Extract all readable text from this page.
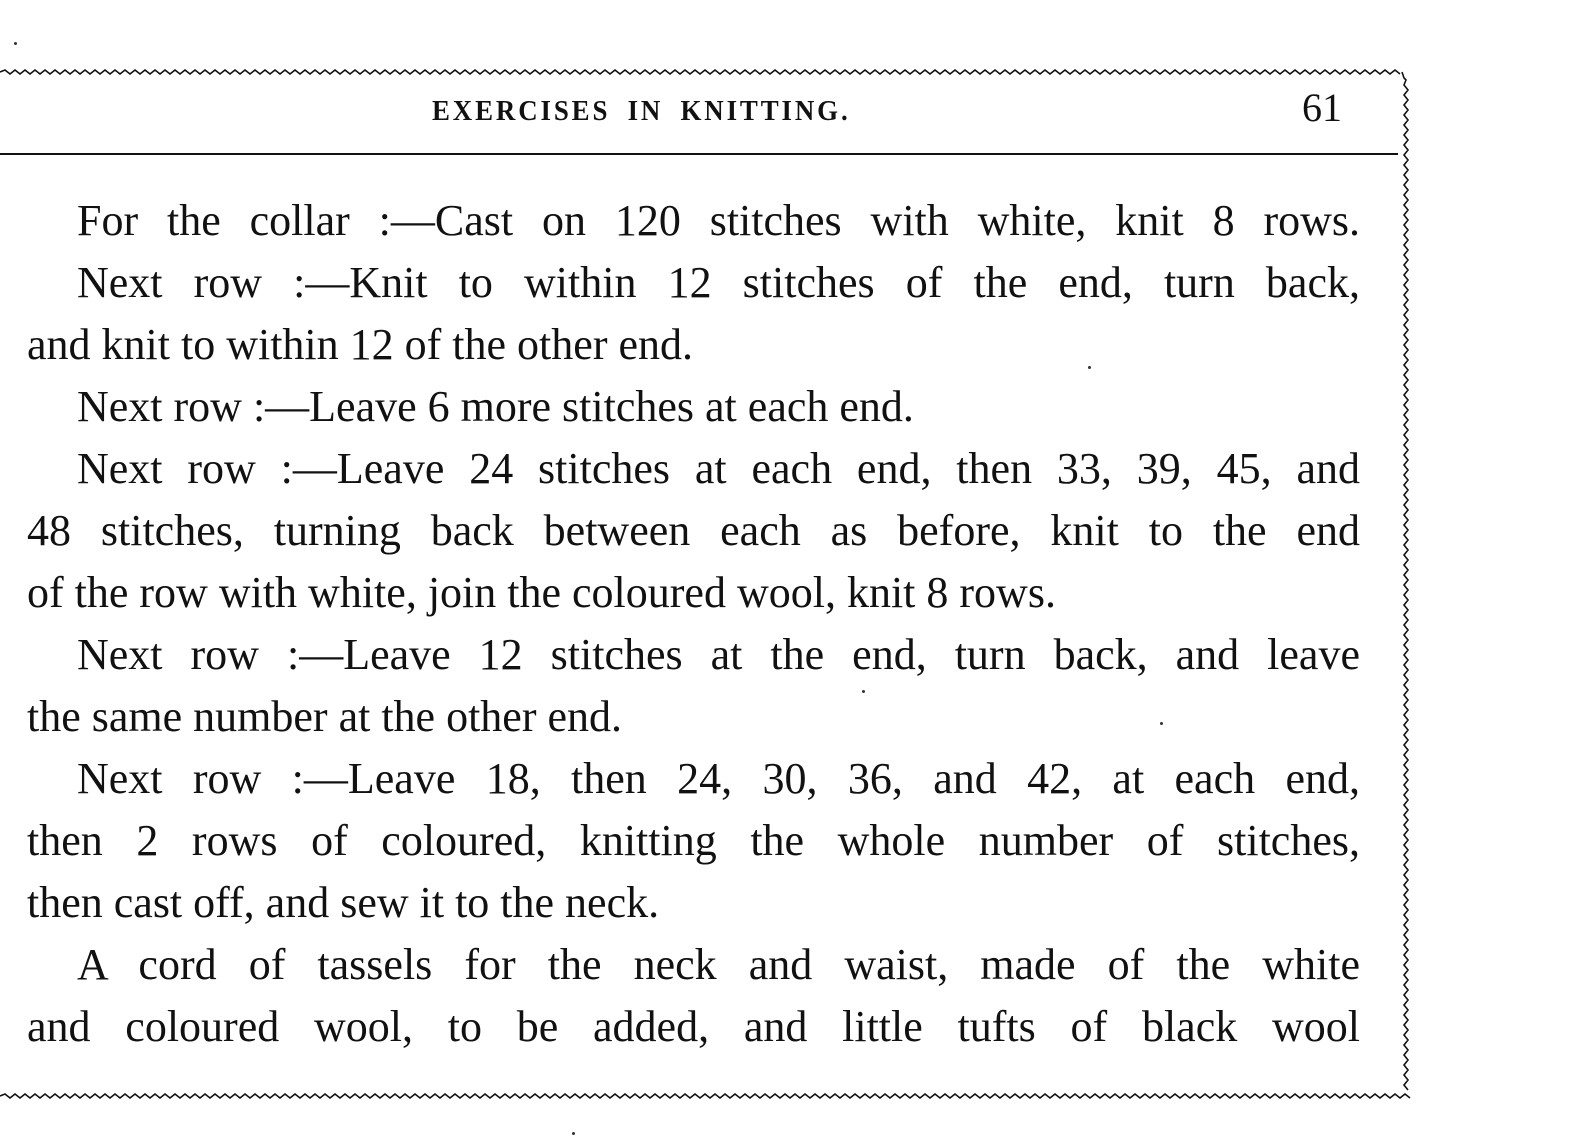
EXERCISES IN KNITTING.	61
For the collar :—Cast on 120 stitches with white, knit 8 rows.
Next row :—Knit to within 12 stitches of the end, turn back,
and knit to within 12 of the other end.
Next row :—Leave 6 more stitches at each end.
Next row :—Leave 24 stitches at each end, then 33, 39, 45, and
48 stitches, turning back between each as before, knit to the end
of the row with white, join the coloured wool, knit 8 rows.
Next row :—Leave 12 stitches at the end, turn back, and leave
the same number at the other end.
Next row :—Leave 18, then 24, 30, 36, and 42, at each end,
then 2 rows of coloured, knitting the whole number of stitches,
then cast off, and sew it to the neck.
A cord of tassels for the neck and waist, made of the white
and coloured wool, to be added, and little tufts of black wool
